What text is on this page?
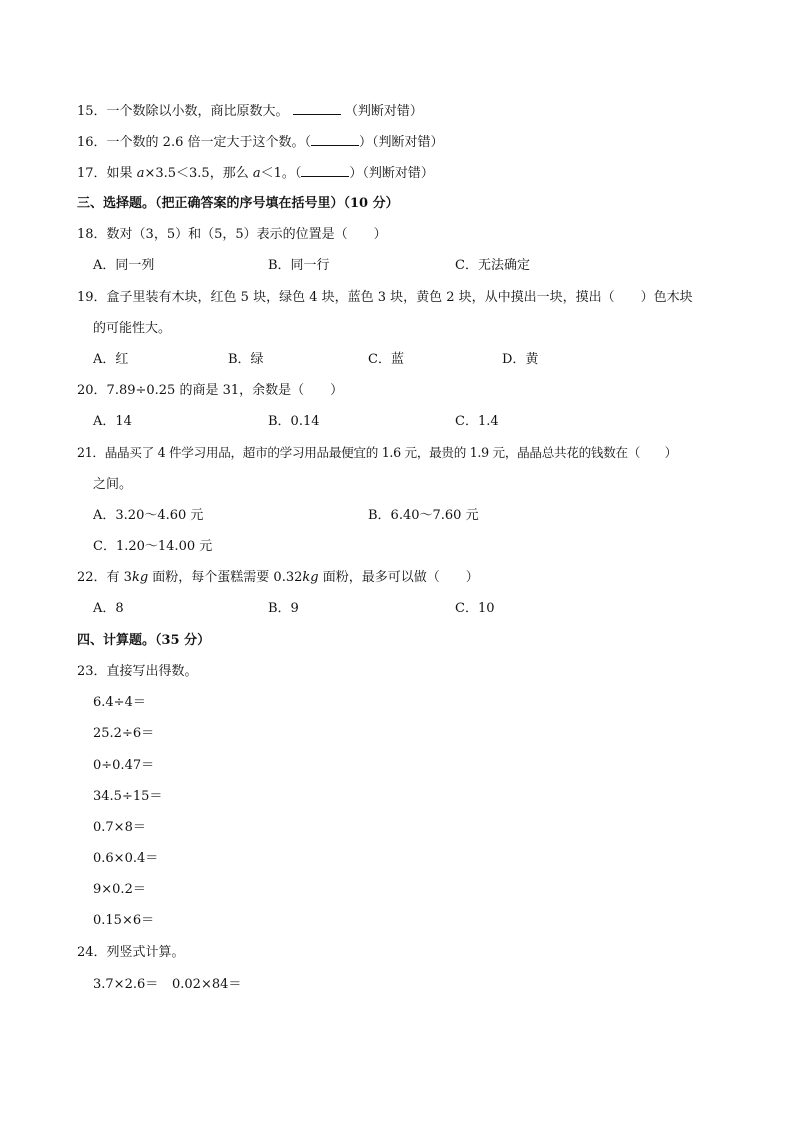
15．一个数除以小数，商比原数大。	（判断对错）
16．一个数的 2.6 倍一定大于这个数。（	）（判断对错）
17．如果 a×3.5＜3.5，那么 a＜1。（	）（判断对错）
三、选择题。（把正确答案的序号填在括号里）（10 分）
18．数对（3，5）和（5，5）表示的位置是（　　）
A．同一列	B．同一行	C．无法确定
19．盒子里装有木块，红色 5 块，绿色 4 块，蓝色 3 块，黄色 2 块，从中摸出一块，摸出（　　）色木块
的可能性大。
A．红	B．绿	C．蓝	D．黄
20．7.89÷0.25 的商是 31，余数是（　　）
A．14	B．0.14	C．1.4
21．晶晶买了 4 件学习用品，超市的学习用品最便宜的 1.6 元，最贵的 1.9 元，晶晶总共花的钱数在（　　）
之间。
A．3.20～4.60 元	B．6.40～7.60 元
C．1.20～14.00 元
22．有 3kg 面粉，每个蛋糕需要 0.32kg 面粉，最多可以做（　　）
A．8	B．9	C．10
四、计算题。（35 分）
23．直接写出得数。
6.4÷4＝
25.2÷6＝
0÷0.47＝
34.5÷15＝
0.7×8＝
0.6×0.4＝
9×0.2＝
0.15×6＝
24．列竖式计算。
3.7×2.6＝ 0.02×84＝
